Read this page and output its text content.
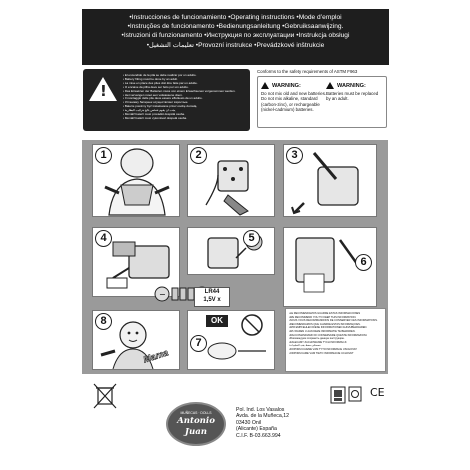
•Instrucciones de funcionamiento •Operating instructions •Mode d’emploi
•Instruções de funcionamento •Bedienungsanleitung •Gebruiksaanwijzing.
•Istruzioni di funzionamento •Инструкция по эксплуатации •Instrukcja obsługi
•تعليمات التشغيل •Provozní instrukce •Prevádzkové inštrukcie
!
• El encendido de la pila se debe realizar por un adulto.
• Battery fitting must be done by an adult.
• La mise en place des piles doit être faite par un adulte.
• O encaixe da pilha deve ser feito por um adulto.
• Das Einsetzen der Batterien muss von einem Erwachsenen vorgenommen werden.
• Het vervangen moet een volwassene doen.
• Il montaggio delle pile deve essere effettuato da un adulto.
• Установку батареек осуществляют взрослые.
• Baterie powinny być instalowane przez osobę dorosłą.
• يجب أن يقوم شخص بالغ بتركيب البطارية
• Montáž baterií musí provádět dospělá osoba.
• Montáž batérií musí vykonávať dospelá osoba.
Conforms to the safety requirements of ASTM F963
WARNING:
Do not mix old and new batteries.
Do not mix alkaline, standard
(carbon-zinc), or rechargeable
(nickel-cadmium) batteries.
WARNING:
Batteries must be replaced
by an adult.
1	2	3
4	5
6
−	LR44
1,5V x
7
OK
8
Mama
•LE RECOMENDAMOS GUARDE ESTAS INFORMACIONES
•WE RECOMMEND YOU TO KEEP THIS INFORMATION.
•NOUS VOUS RECOMMANDONS DE CONSERVER CES INFORMATIONS.
•RECOMENDAMOS QUE GUARDE ESTAS INFORMAÇÕES.
•WIR EMPFEHLEN DIESE INFORMATIONEN AUFZUBEWAHREN.
•WIJ RADEN U AAN DEZE INFORMATIE TE BEWAREN.
•RACCOMANDIAMO DI CONSERVARE QUESTE INFORMAZIONI.
•Рекомендуем сохранить данную инструкцию.
•ZALECAMY ZACHOWANIE TYCH INFORMACJI.
•ننصحكم بحفظ هذه التعليمات
•DOPORUČUJEME VÁM TYTO INFORMACE USCHOVAT
•ODPORÚČAME VÁM TIETO INFORMÁCIE UCHOVAŤ
CE
MUÑECAS · DOLLS
Antonio
Juan
Pol. Ind. Los Vasalos
Avda. de la Muñeca,12
03430 Onil
(Alicante) España
C.I.F. B-03.663.994
